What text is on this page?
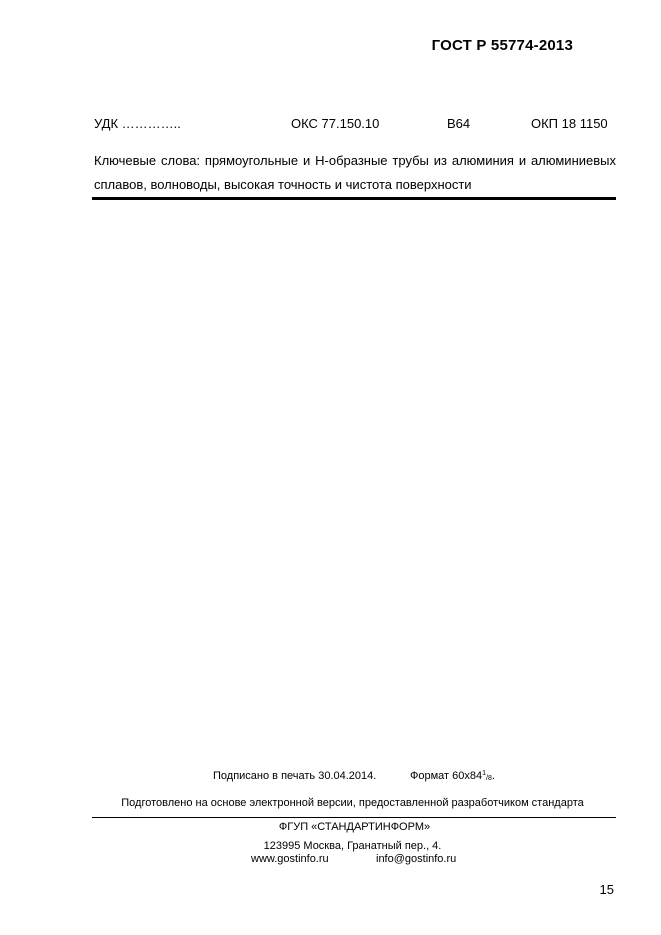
ГОСТ Р 55774-2013
УДК …………..	ОКС 77.150.10	В64	ОКП 18 1150
Ключевые слова: прямоугольные и Н-образные трубы из алюминия и алюминиевых сплавов, волноводы, высокая точность и чистота поверхности
Подписано в печать 30.04.2014.	Формат $60х84^1_{/8}$.
Подготовлено на основе электронной версии, предоставленной разработчиком стандарта
ФГУП «СТАНДАРТИНФОРМ»
123995 Москва, Гранатный пер., 4.
www.gostinfo.ru	info@gostinfo.ru
15
